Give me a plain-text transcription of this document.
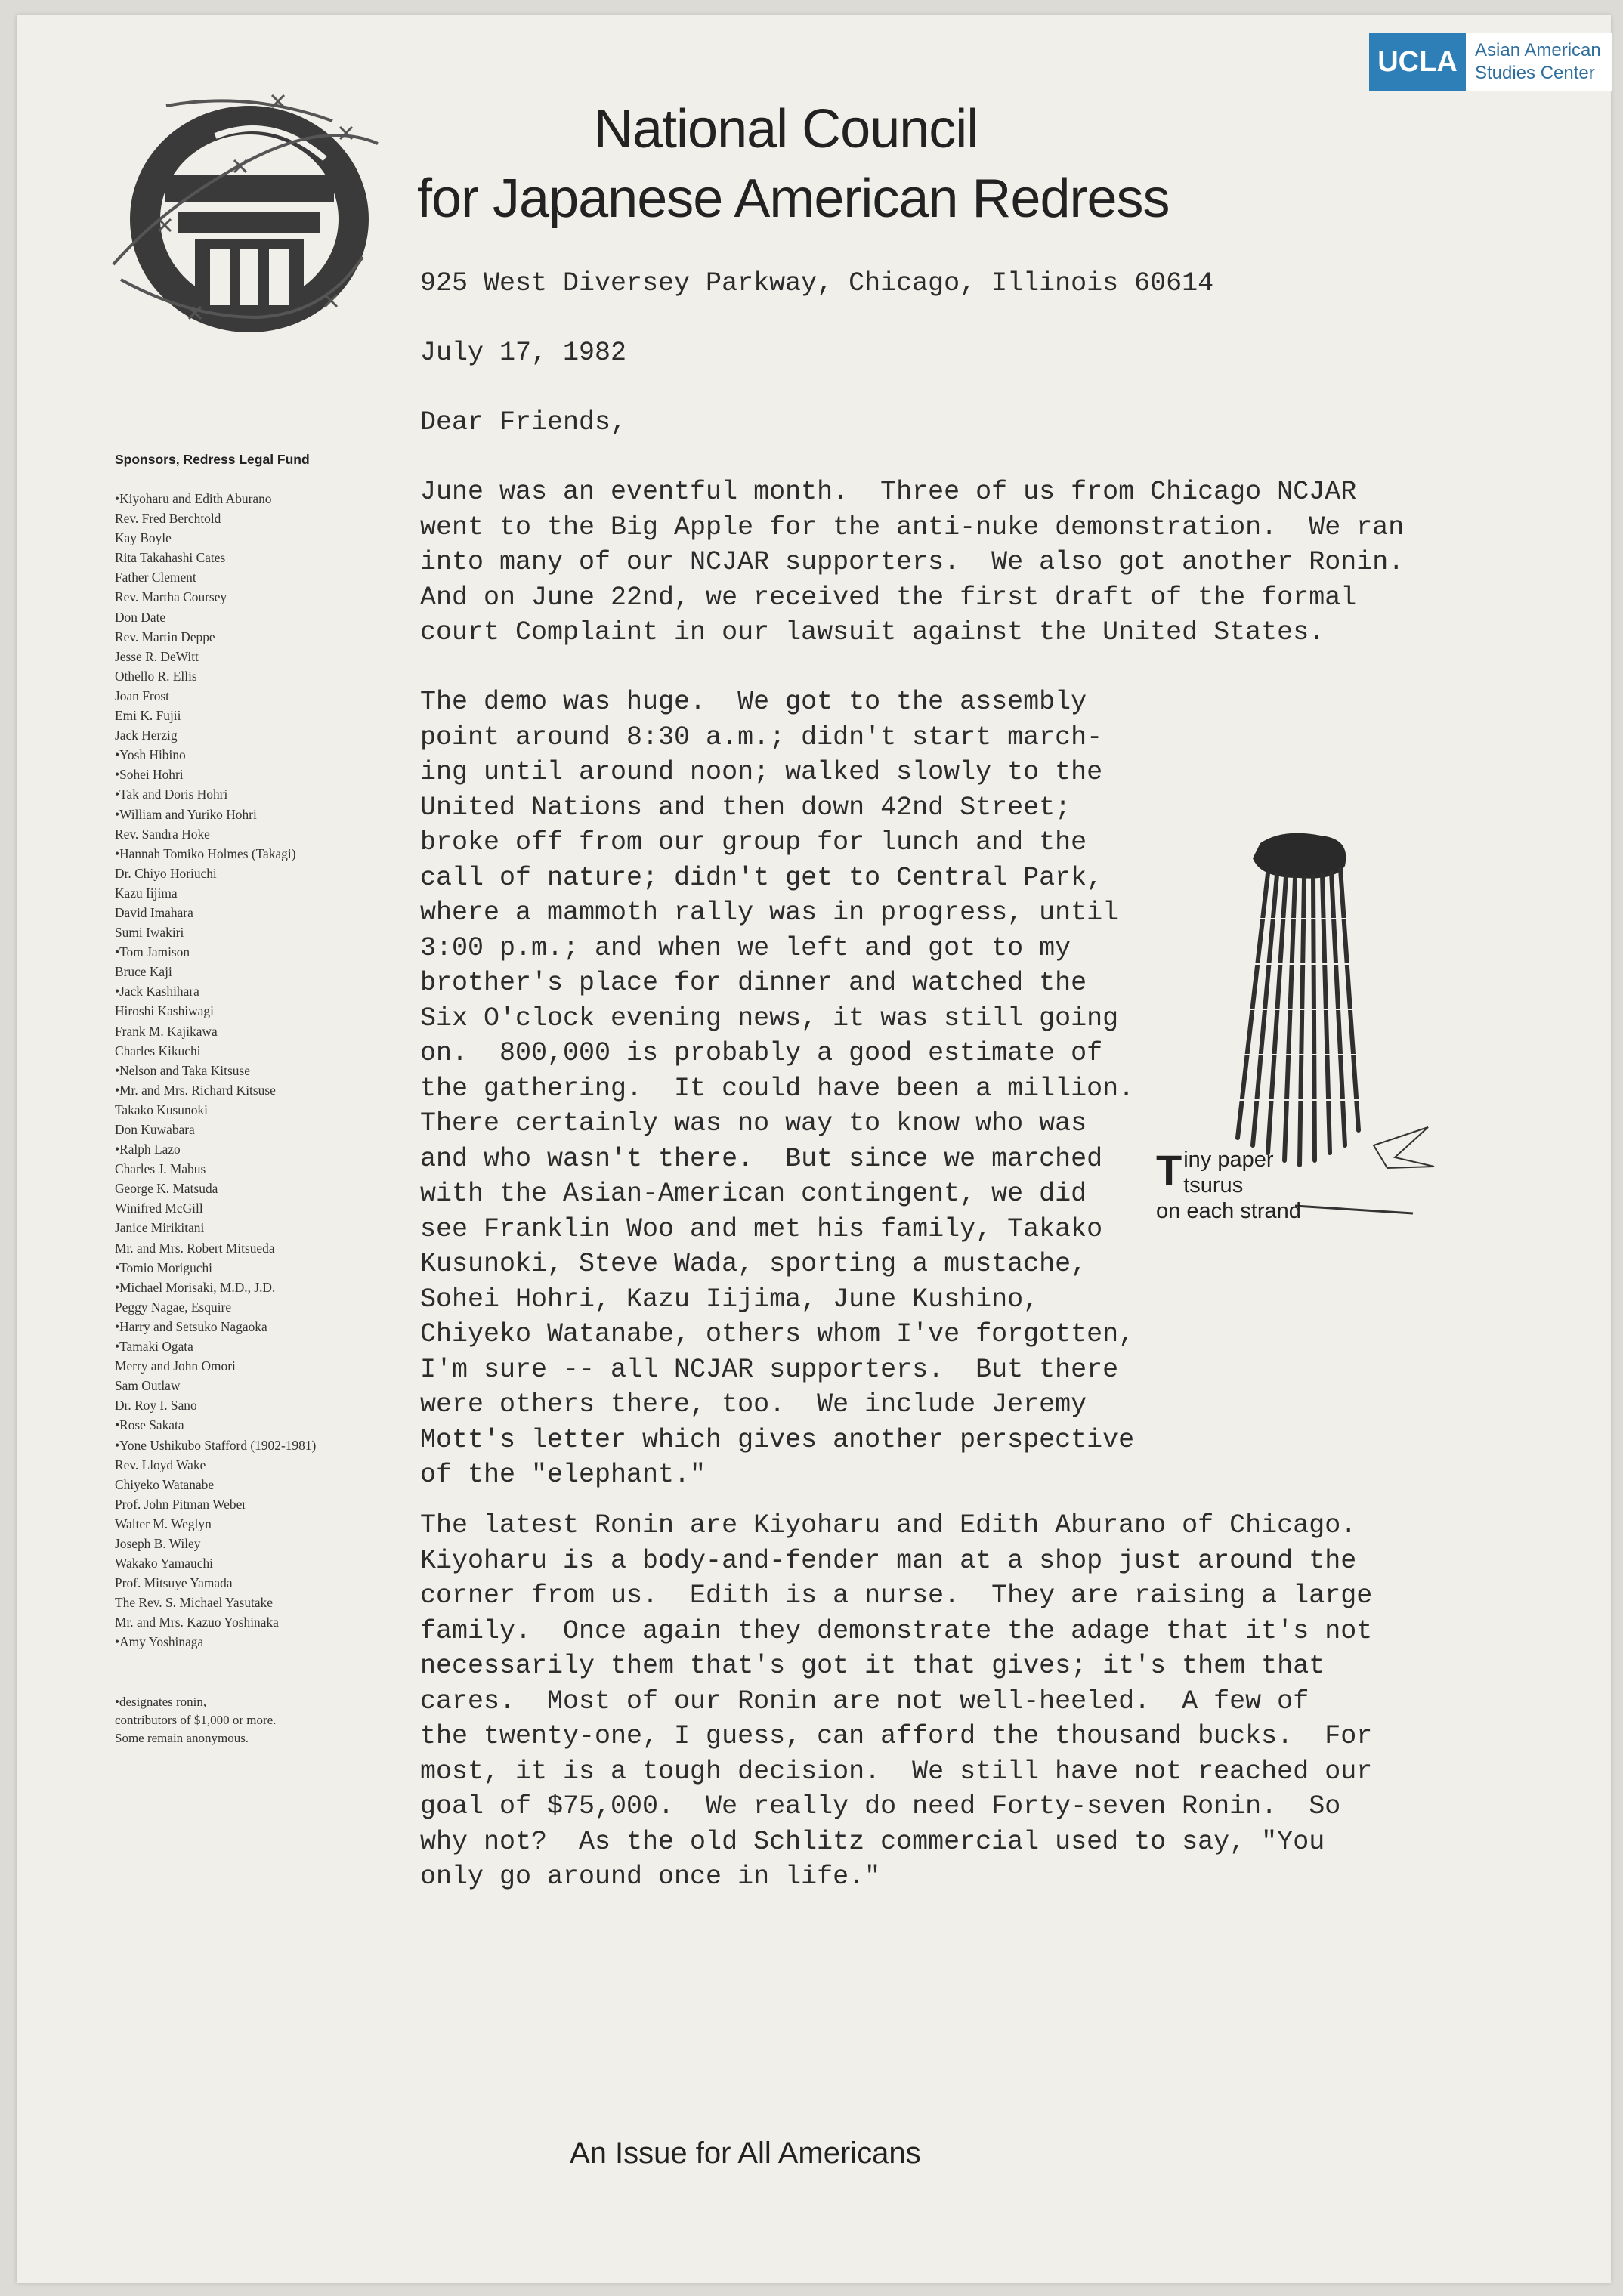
UCLA Asian American
Studies Center
National Council
for Japanese American Redress
925 West Diversey Parkway, Chicago, Illinois 60614
July 17, 1982
Dear Friends,
June was an eventful month.  Three of us from Chicago NCJAR
went to the Big Apple for the anti-nuke demonstration.  We ran
into many of our NCJAR supporters.  We also got another Ronin.
And on June 22nd, we received the first draft of the formal
court Complaint in our lawsuit against the United States.
The demo was huge.  We got to the assembly
point around 8:30 a.m.; didn't start march-
ing until around noon; walked slowly to the
United Nations and then down 42nd Street;
broke off from our group for lunch and the
call of nature; didn't get to Central Park,
where a mammoth rally was in progress, until
3:00 p.m.; and when we left and got to my
brother's place for dinner and watched the
Six O'clock evening news, it was still going
on.  800,000 is probably a good estimate of
the gathering.  It could have been a million.
There certainly was no way to know who was
and who wasn't there.  But since we marched
with the Asian-American contingent, we did
see Franklin Woo and met his family, Takako
Kusunoki, Steve Wada, sporting a mustache,
Sohei Hohri, Kazu Iijima, June Kushino,
Chiyeko Watanabe, others whom I've forgotten,
I'm sure -- all NCJAR supporters.  But there
were others there, too.  We include Jeremy
Mott's letter which gives another perspective
of the "elephant."
The latest Ronin are Kiyoharu and Edith Aburano of Chicago.
Kiyoharu is a body-and-fender man at a shop just around the
corner from us.  Edith is a nurse.  They are raising a large
family.  Once again they demonstrate the adage that it's not
necessarily them that's got it that gives; it's them that
cares.  Most of our Ronin are not well-heeled.  A few of
the twenty-one, I guess, can afford the thousand bucks.  For
most, it is a tough decision.  We still have not reached our
goal of $75,000.  We really do need Forty-seven Ronin.  So
why not?  As the old Schlitz commercial used to say, "You
only go around once in life."
Sponsors, Redress Legal Fund
•Kiyoharu and Edith Aburano
Rev. Fred Berchtold
Kay Boyle
Rita Takahashi Cates
Father Clement
Rev. Martha Coursey
Don Date
Rev. Martin Deppe
Jesse R. DeWitt
Othello R. Ellis
Joan Frost
Emi K. Fujii
Jack Herzig
•Yosh Hibino
•Sohei Hohri
•Tak and Doris Hohri
•William and Yuriko Hohri
Rev. Sandra Hoke
•Hannah Tomiko Holmes (Takagi)
Dr. Chiyo Horiuchi
Kazu Iijima
David Imahara
Sumi Iwakiri
•Tom Jamison
Bruce Kaji
•Jack Kashihara
Hiroshi Kashiwagi
Frank M. Kajikawa
Charles Kikuchi
•Nelson and Taka Kitsuse
•Mr. and Mrs. Richard Kitsuse
Takako Kusunoki
Don Kuwabara
•Ralph Lazo
Charles J. Mabus
George K. Matsuda
Winifred McGill
Janice Mirikitani
Mr. and Mrs. Robert Mitsueda
•Tomio Moriguchi
•Michael Morisaki, M.D., J.D.
Peggy Nagae, Esquire
•Harry and Setsuko Nagaoka
•Tamaki Ogata
Merry and John Omori
Sam Outlaw
Dr. Roy I. Sano
•Rose Sakata
•Yone Ushikubo Stafford (1902-1981)
Rev. Lloyd Wake
Chiyeko Watanabe
Prof. John Pitman Weber
Walter M. Weglyn
Joseph B. Wiley
Wakako Yamauchi
Prof. Mitsuye Yamada
The Rev. S. Michael Yasutake
Mr. and Mrs. Kazuo Yoshinaka
•Amy Yoshinaga
•designates ronin,
contributors of $1,000 or more.
Some remain anonymous.
T iny paper tsurus
on each strand
An Issue for All Americans
